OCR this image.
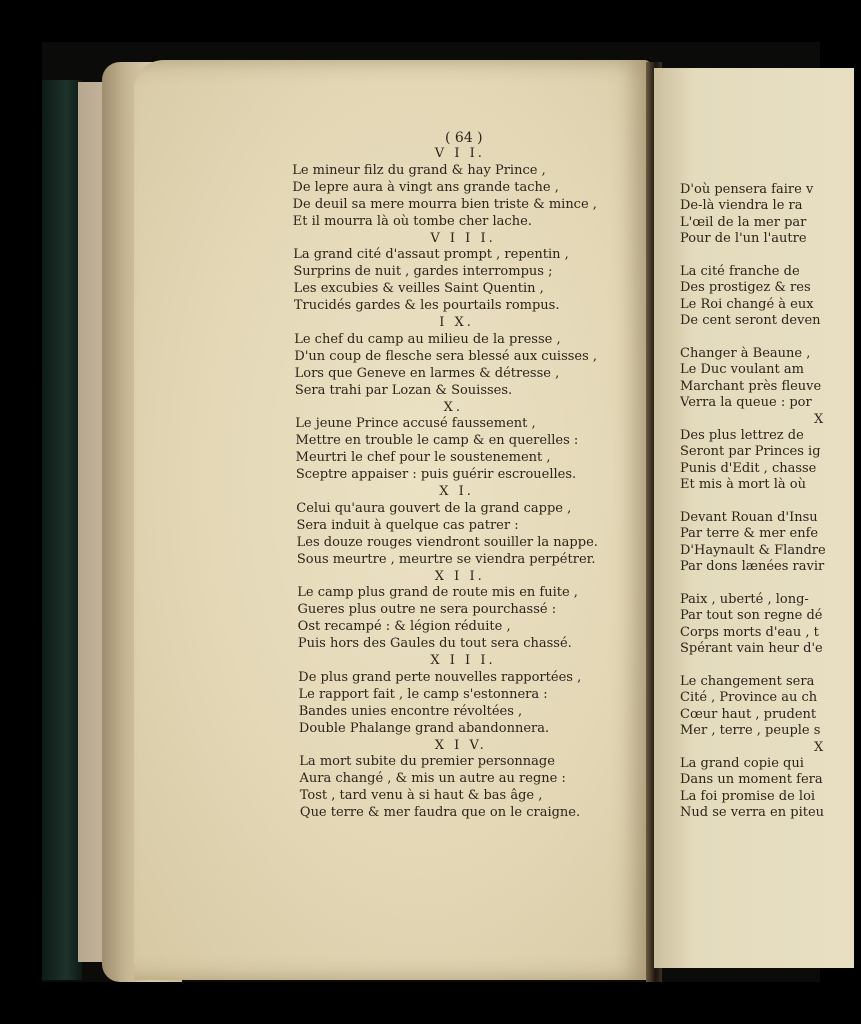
D'où pensera faire v
De-là viendra le ra
L'œil de la mer par
Pour de l'un l'autre
La cité franche de
Des prostigez & res
Le Roi changé à eux
De cent seront deven
Changer à Beaune ,
Le Duc voulant am
Marchant près fleuve
Verra la queue : por
X
Des plus lettrez de
Seront par Princes ig
Punis d'Edit , chasse
Et mis à mort là où
Devant Rouan d'Insu
Par terre & mer enfe
D'Haynault & Flandre
Par dons lænées ravir
Paix , uberté , long-
Par tout son regne dé
Corps morts d'eau , t
Spérant vain heur d'e
Le changement sera
Cité , Province au ch
Cœur haut , prudent
Mer , terre , peuple s
X
La grand copie qui
Dans un moment fera
La foi promise de loi
Nud se verra en piteu
( 64 )
V I I.
Le mineur filz du grand & hay Prince ,
De lepre aura à vingt ans grande tache ,
De deuil sa mere mourra bien triste & mince ,
Et il mourra là où tombe cher lache.
V I I I.
La grand cité d'assaut prompt , repentin ,
Surprins de nuit , gardes interrompus ;
Les excubies & veilles Saint Quentin ,
Trucidés gardes & les pourtails rompus.
I X.
Le chef du camp au milieu de la presse ,
D'un coup de flesche sera blessé aux cuisses ,
Lors que Geneve en larmes & détresse ,
Sera trahi par Lozan & Souisses.
X.
Le jeune Prince accusé faussement ,
Mettre en trouble le camp & en querelles :
Meurtri le chef pour le soustenement ,
Sceptre appaiser : puis guérir escrouelles.
X I.
Celui qu'aura gouvert de la grand cappe ,
Sera induit à quelque cas patrer :
Les douze rouges viendront souiller la nappe.
Sous meurtre , meurtre se viendra perpétrer.
X I I.
Le camp plus grand de route mis en fuite ,
Gueres plus outre ne sera pourchassé :
Ost recampé : & légion réduite ,
Puis hors des Gaules du tout sera chassé.
X I I I.
De plus grand perte nouvelles rapportées ,
Le rapport fait , le camp s'estonnera :
Bandes unies encontre révoltées ,
Double Phalange grand abandonnera.
X I V.
La mort subite du premier personnage
Aura changé , & mis un autre au regne :
Tost , tard venu à si haut & bas âge ,
Que terre & mer faudra que on le craigne.
